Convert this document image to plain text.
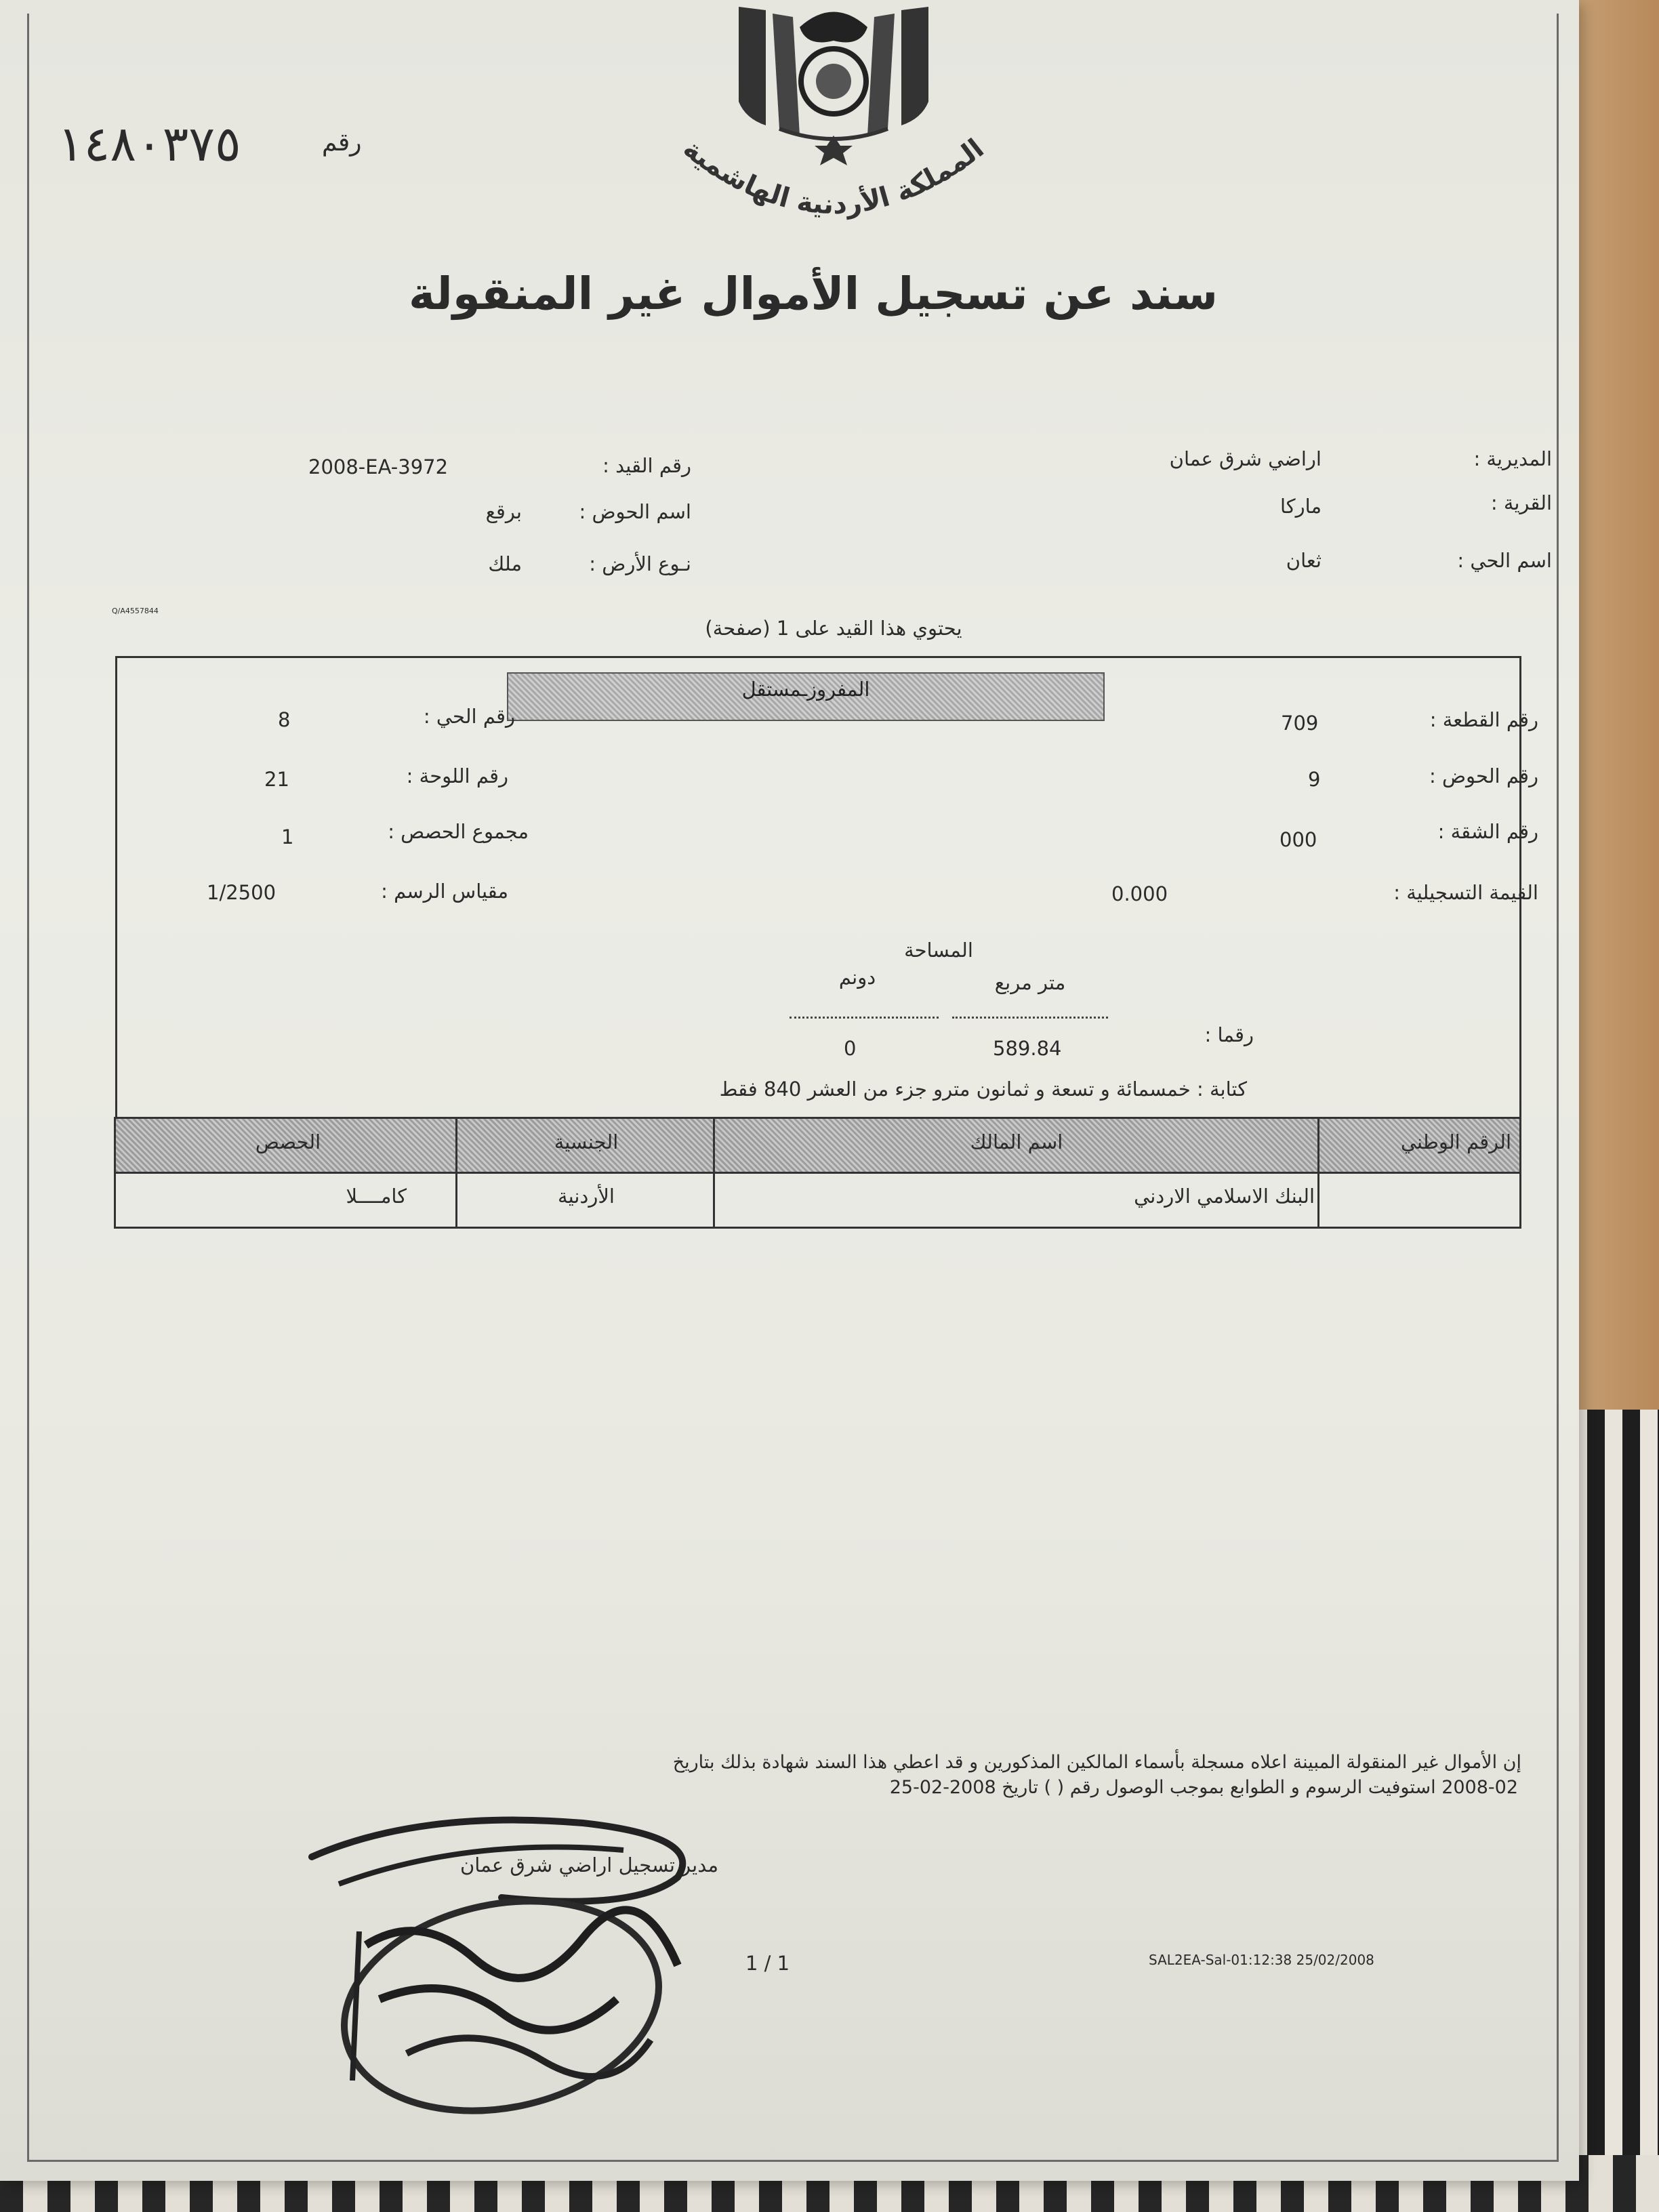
المملكة الأردنية الهاشمية
رقم
١٤٨٠٣٧٥
سند عن تسجيل الأموال غير المنقولة
المديرية :
اراضي شرق عمان
القرية :
ماركا
اسم الحي :
ثعان
رقم القيد :
2008-EA-3972
اسم الحوض :
برقع
نـوع الأرض :
ملك
Q/A4557844
يحتوي هذا القيد على 1 (صفحة)
المفروزـمستقل
رقم القطعة :
709
رقم الحوض :
9
رقم الشقة :
000
القيمة التسجيلية :
0.000
رقم الحي :
8
رقم اللوحة :
21
مجموع الحصص :
1
مقياس الرسم :
1/2500
المساحة
متر مربع
دونم
رقما :
589.84
0
كتابة : خمسمائة و تسعة و ثمانون مترو جزء من العشر 840 فقط
الرقم الوطني
اسم المالك
الجنسية
الحصص
البنك الاسلامي الاردني
الأردنية
كامــــلا
إن الأموال غير المنقولة المبينة اعلاه مسجلة بأسماء المالكين المذكورين و قد اعطي هذا السند شهادة بذلك بتاريخ
2008-02 استوفيت الرسوم و الطوابع بموجب الوصول رقم ( ) تاريخ 2008-02-25
مدير تسجيل اراضي شرق عمان
1 / 1	SAL2EA-Sal-01:12:38 25/02/2008
